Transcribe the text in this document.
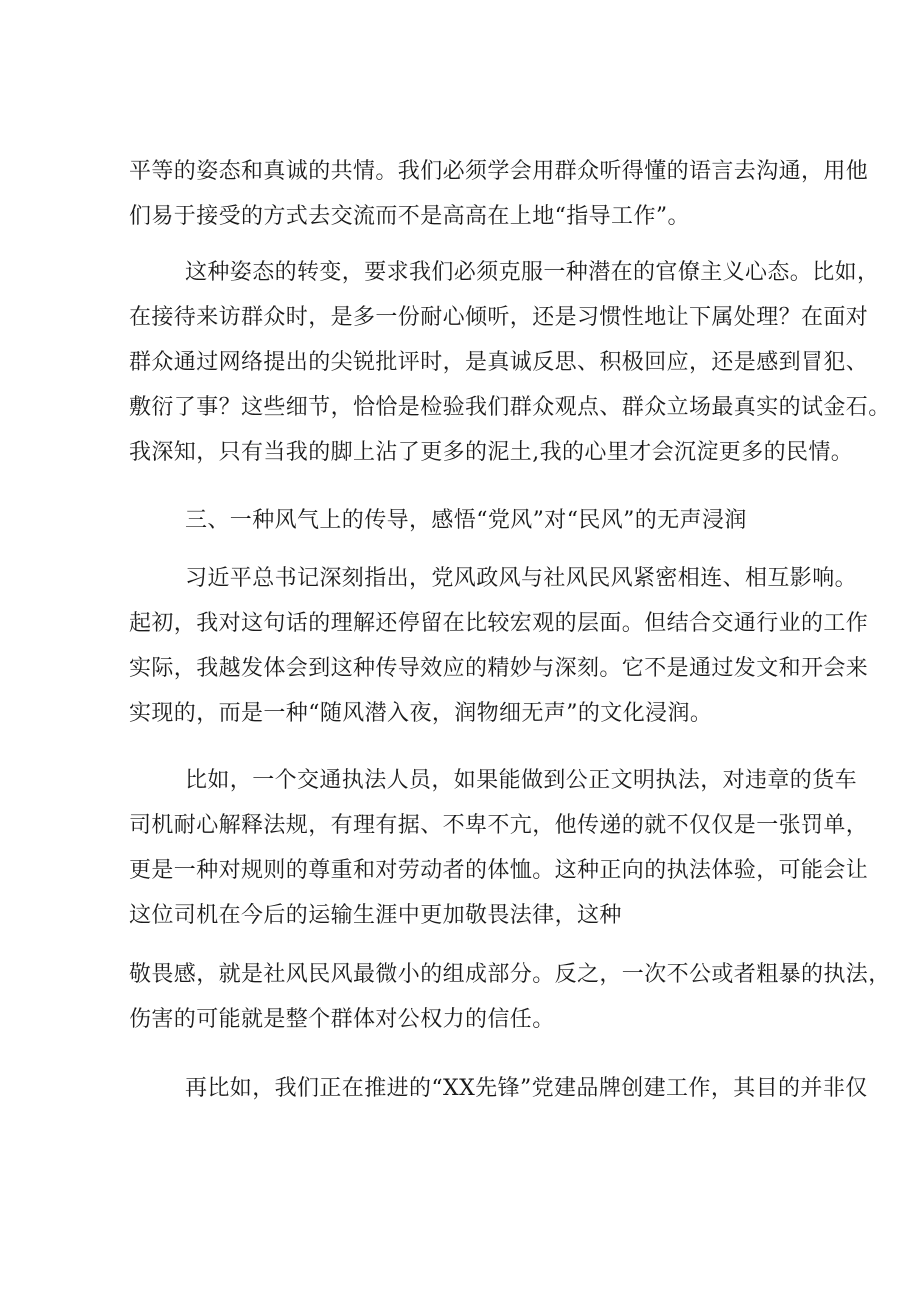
平等的姿态和真诚的共情。我们必须学会用群众听得懂的语言去沟通，用他

们易于接受的方式去交流而不是高高在上地“指导工作”。

这种姿态的转变，要求我们必须克服一种潜在的官僚主义心态。比如，

在接待来访群众时，是多一份耐心倾听，还是习惯性地让下属处理？在面对

群众通过网络提出的尖锐批评时，是真诚反思、积极回应，还是感到冒犯、

敷衍了事？这些细节，恰恰是检验我们群众观点、群众立场最真实的试金石。

我深知，只有当我的脚上沾了更多的泥土,我的心里才会沉淀更多的民情。

三、一种风气上的传导，感悟“党风”对“民风”的无声浸润

习近平总书记深刻指出，党风政风与社风民风紧密相连、相互影响。

起初，我对这句话的理解还停留在比较宏观的层面。但结合交通行业的工作

实际，我越发体会到这种传导效应的精妙与深刻。它不是通过发文和开会来

实现的，而是一种“随风潜入夜，润物细无声”的文化浸润。

比如，一个交通执法人员，如果能做到公正文明执法，对违章的货车

司机耐心解释法规，有理有据、不卑不亢，他传递的就不仅仅是一张罚单，

更是一种对规则的尊重和对劳动者的体恤。这种正向的执法体验，可能会让

这位司机在今后的运输生涯中更加敬畏法律，这种

敬畏感，就是社风民风最微小的组成部分。反之，一次不公或者粗暴的执法，

伤害的可能就是整个群体对公权力的信任。

再比如，我们正在推进的“XX先锋”党建品牌创建工作，其目的并非仅
